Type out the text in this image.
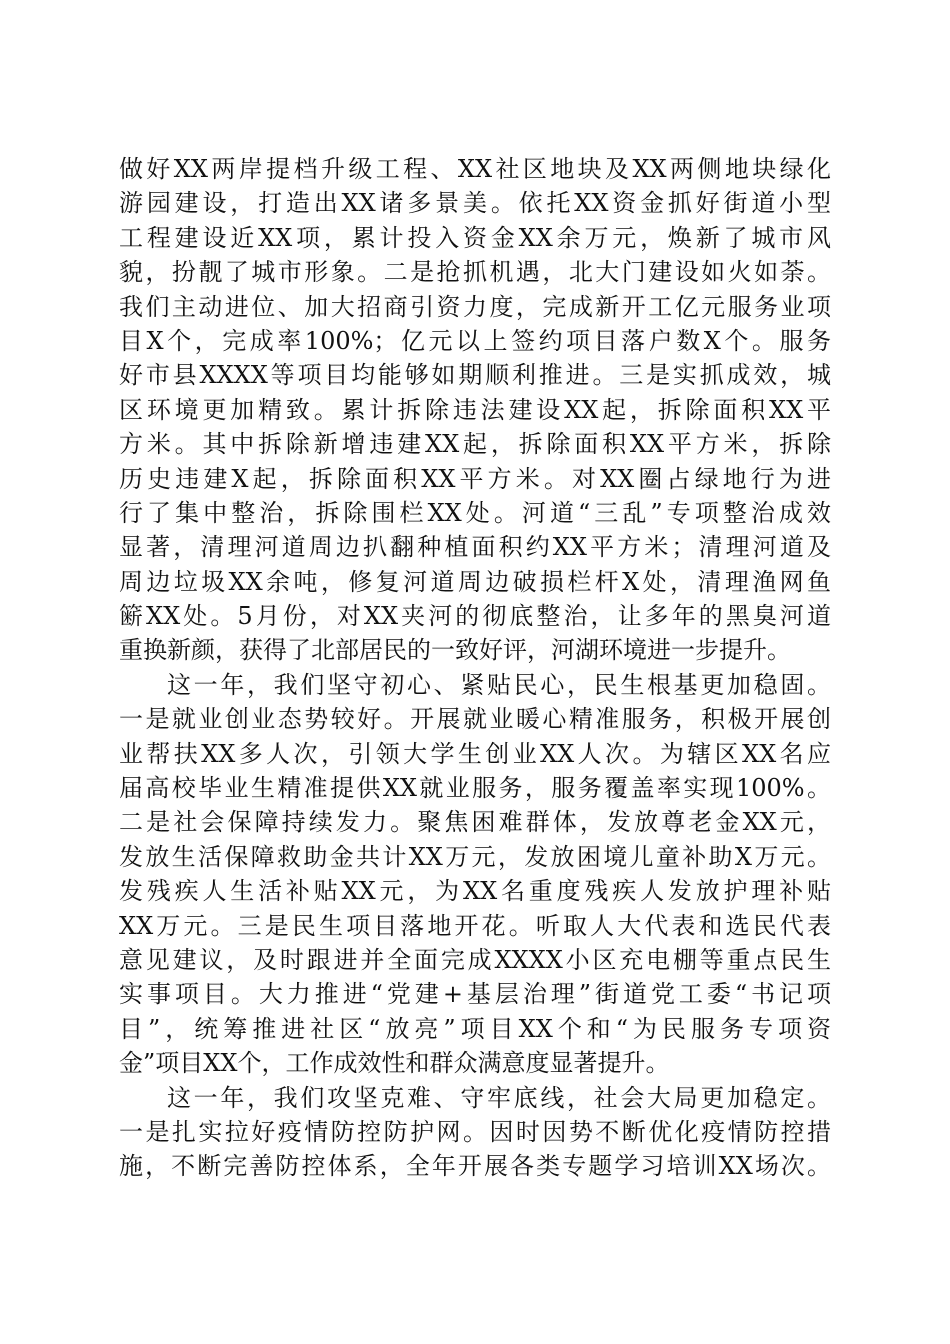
做好XX两岸提档升级工程、XX社区地块及XX两侧地块绿化
游园建设，打造出XX诸多景美。依托XX资金抓好街道小型
工程建设近XX项，累计投入资金XX余万元，焕新了城市风
貌，扮靓了城市形象。二是抢抓机遇，北大门建设如火如荼。
我们主动进位、加大招商引资力度，完成新开工亿元服务业项
目X个，完成率100%；亿元以上签约项目落户数X个。服务
好市县XXXX等项目均能够如期顺利推进。三是实抓成效，城
区环境更加精致。累计拆除违法建设XX起，拆除面积XX平
方米。其中拆除新增违建XX起，拆除面积XX平方米，拆除
历史违建X起，拆除面积XX平方米。对XX圈占绿地行为进
行了集中整治，拆除围栏XX处。河道“三乱”专项整治成效
显著，清理河道周边扒翻种植面积约XX平方米；清理河道及
周边垃圾XX余吨，修复河道周边破损栏杆X处，清理渔网鱼
簖XX处。5月份，对XX夹河的彻底整治，让多年的黑臭河道
重换新颜，获得了北部居民的一致好评，河湖环境进一步提升。
这一年，我们坚守初心、紧贴民心，民生根基更加稳固。
一是就业创业态势较好。开展就业暖心精准服务，积极开展创
业帮扶XX多人次，引领大学生创业XX人次。为辖区XX名应
届高校毕业生精准提供XX就业服务，服务覆盖率实现100%。
二是社会保障持续发力。聚焦困难群体，发放尊老金XX元，
发放生活保障救助金共计XX万元，发放困境儿童补助X万元。
发残疾人生活补贴XX元，为XX名重度残疾人发放护理补贴
XX万元。三是民生项目落地开花。听取人大代表和选民代表
意见建议，及时跟进并全面完成XXXX小区充电棚等重点民生
实事项目。大力推进“党建+基层治理”街道党工委“书记项
目”，统筹推进社区“放亮”项目XX个和“为民服务专项资
金”项目XX个，工作成效性和群众满意度显著提升。
这一年，我们攻坚克难、守牢底线，社会大局更加稳定。
一是扎实拉好疫情防控防护网。因时因势不断优化疫情防控措
施，不断完善防控体系，全年开展各类专题学习培训XX场次。
